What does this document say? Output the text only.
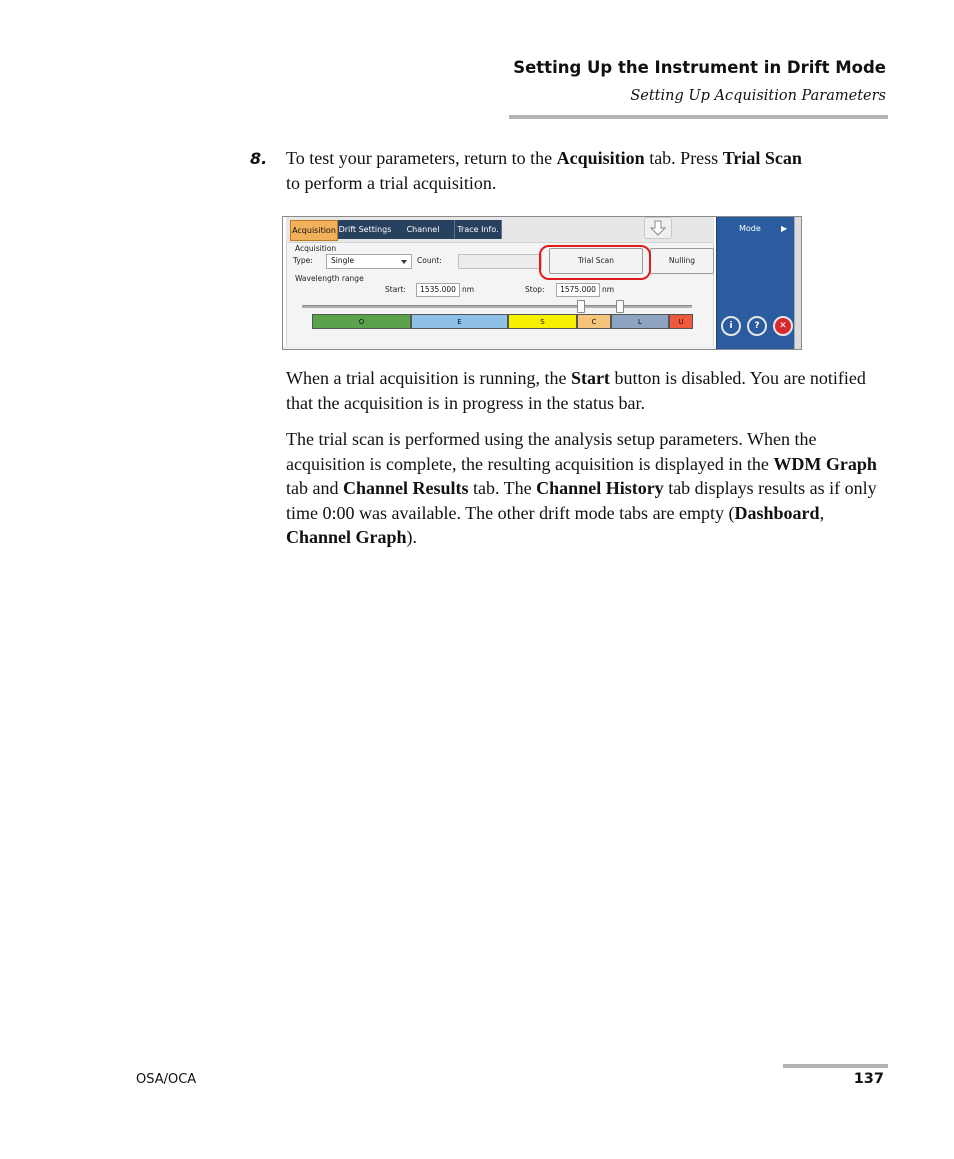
Setting Up the Instrument in Drift Mode
Setting Up Acquisition Parameters
8. To test your parameters, return to the Acquisition tab. Press Trial Scan
to perform a trial acquisition.
Acquisition Drift Settings	Channel	Trace Info.
Acquisition
Type: Single	Count:	Trial Scan	Nulling
Wavelength range
Start:	1535.000 nm	Stop:	1575.000 nm
O	E	S	C	L	U
Mode	▶
i	?	✕
When a trial acquisition is running, the Start button is disabled. You are notified that the acquisition is in progress in the status bar.
The trial scan is performed using the analysis setup parameters. When the acquisition is complete, the resulting acquisition is displayed in the WDM Graph tab and Channel Results tab. The Channel History tab displays results as if only time 0:00 was available. The other drift mode tabs are empty (Dashboard, Channel Graph).
OSA/OCA	137
